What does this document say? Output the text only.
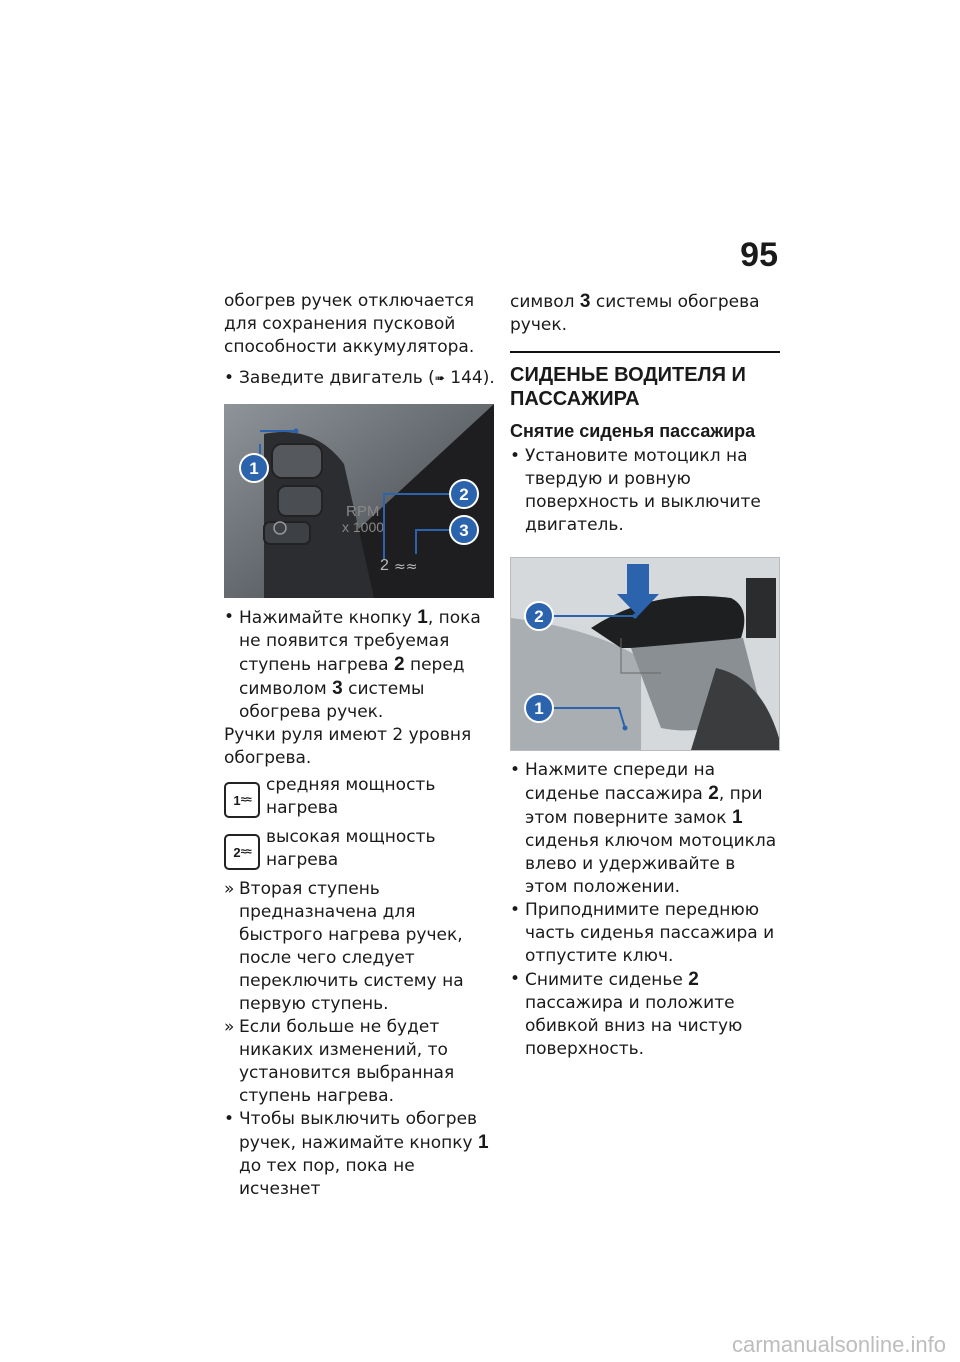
95

обогрев ручек отключается для сохранения пусковой способности аккумулятора.

• Заведите двигатель (➠ 144).

RPM
x 1000
2 ≈≈
1
2
3

• Нажимайте кнопку 1, пока не появится требуемая ступень нагрева 2 перед символом 3 системы обогрева ручек.

Ручки руля имеют 2 уровня обогрева.

1 ≈≈

средняя мощность нагрева

2 ≈≈

высокая мощность нагрева

» Вторая ступень предназначена для быстрого нагрева ручек, после чего следует переключить систему на первую ступень.

» Если больше не будет никаких изменений, то установится выбранная ступень нагрева.

• Чтобы выключить обогрев ручек, нажимайте кнопку 1 до тех пор, пока не исчезнет

символ 3 системы обогрева ручек.

СИДЕНЬЕ ВОДИТЕЛЯ И ПАССАЖИРА
Снятие сиденья пассажира

• Установите мотоцикл на твердую и ровную поверхность и выключите двигатель.

2
1

• Нажмите спереди на сиденье пассажира 2, при этом поверните замок 1 сиденья ключом мотоцикла влево и удерживайте в этом положении.

• Приподнимите переднюю часть сиденья пассажира и отпустите ключ.

• Снимите сиденье 2 пассажира и положите обивкой вниз на чистую поверхность.

carmanualsonline.info
